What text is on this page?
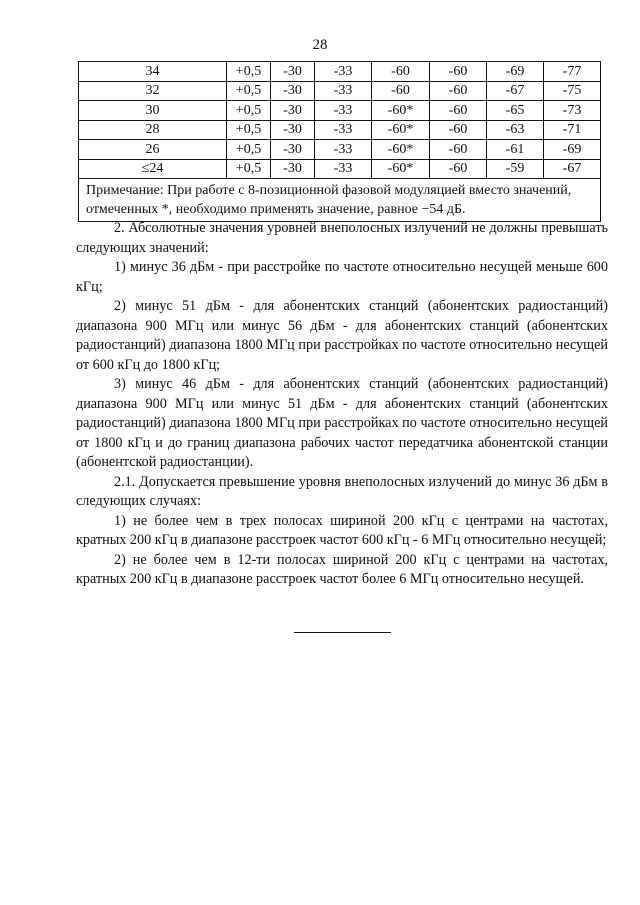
28
34	+0,5	-30	-33	-60	-60	-69	-77
32	+0,5	-30	-33	-60	-60	-67	-75
30	+0,5	-30	-33	-60*	-60	-65	-73
28	+0,5	-30	-33	-60*	-60	-63	-71
26	+0,5	-30	-33	-60*	-60	-61	-69
≤24	+0,5	-30	-33	-60*	-60	-59	-67
Примечание: При работе с 8-позиционной фазовой модуляцией вместо значений, отмеченных *, необходимо применять значение, равное −54 дБ.							

2. Абсолютные значения уровней внеполосных излучений не должны превышать следующих значений:

1) минус 36 дБм - при расстройке по частоте относительно несущей меньше 600 кГц;

2) минус 51 дБм - для абонентских станций (абонентских радиостанций) диапазона 900 МГц или минус 56 дБм - для абонентских станций (абонентских радиостанций) диапазона 1800 МГц при расстройках по частоте относительно несущей от 600 кГц до 1800 кГц;

3) минус 46 дБм - для абонентских станций (абонентских радиостанций) диапазона 900 МГц или минус 51 дБм - для абонентских станций (абонентских радиостанций) диапазона 1800 МГц при расстройках по частоте относительно несущей от 1800 кГц и до границ диапазона рабочих частот передатчика абонентской станции (абонентской радиостанции).

2.1. Допускается превышение уровня внеполосных излучений до минус 36 дБм в следующих случаях:

1) не более чем в трех полосах шириной 200 кГц с центрами на частотах, кратных 200 кГц в диапазоне расстроек частот 600 кГц - 6 МГц относительно несущей;

2) не более чем в 12-ти полосах шириной 200 кГц с центрами на частотах, кратных 200 кГц в диапазоне расстроек частот более 6 МГц относительно несущей.
